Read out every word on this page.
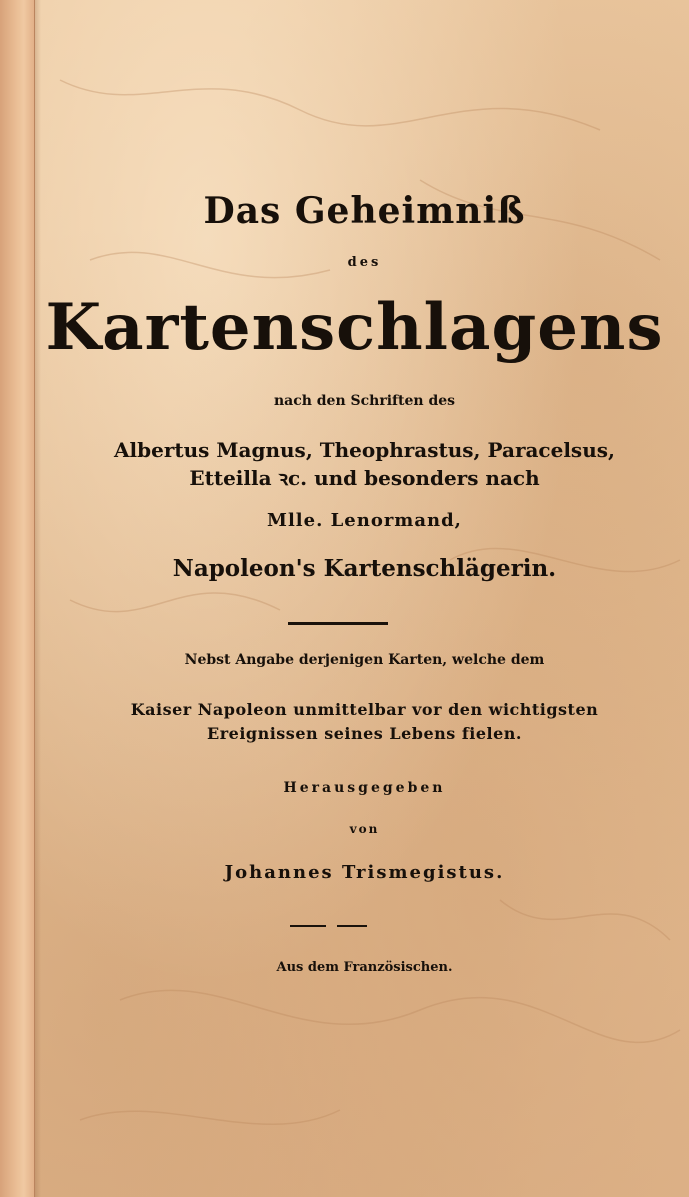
Das Geheimniß
des
Kartenschlagens
nach den Schriften des
Albertus Magnus, Theophrastus, Paracelsus,
Etteilla ꝛc. und besonders nach
Mlle. Lenormand,
Napoleon's Kartenschlägerin.
Nebst Angabe derjenigen Karten, welche dem
Kaiser Napoleon unmittelbar vor den wichtigsten
Ereignissen seines Lebens fielen.
Herausgegeben
von
Johannes Trismegistus.
Aus dem Französischen.
